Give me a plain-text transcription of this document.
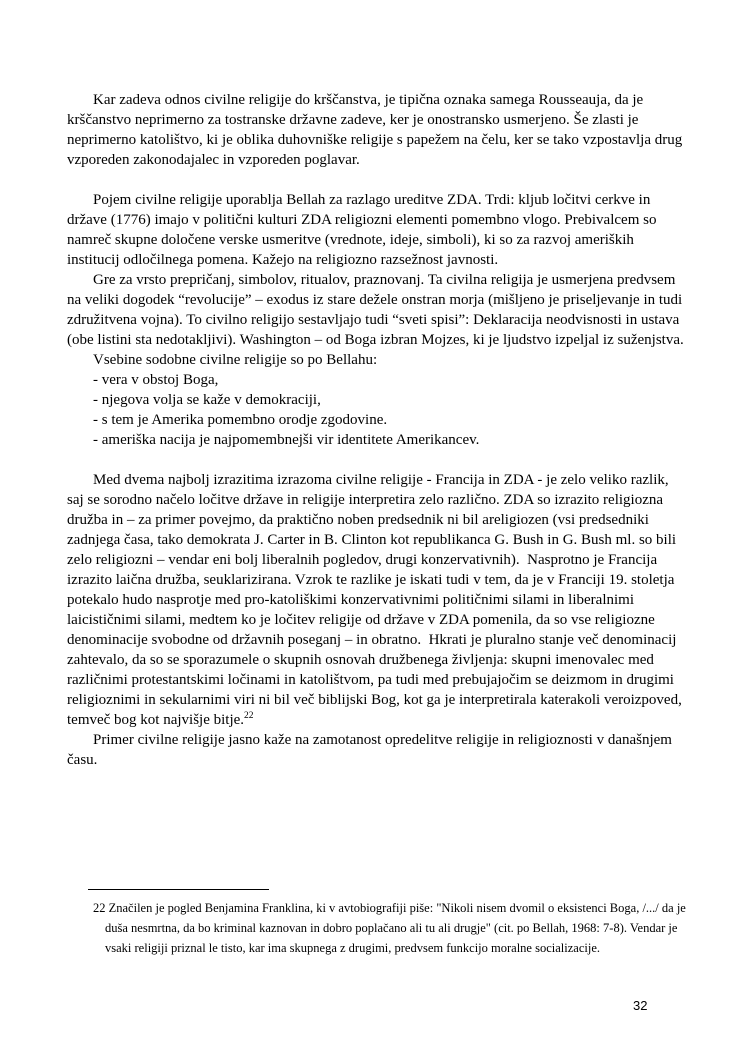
Kar zadeva odnos civilne religije do krščanstva, je tipična oznaka samega Rousseauja, da je krščanstvo neprimerno za tostranske državne zadeve, ker je onostransko usmerjeno. Še zlasti je neprimerno katolištvo, ki je oblika duhovniške religije s papežem na čelu, ker se tako vzpostavlja drug vzporeden zakonodajalec in vzporeden poglavar.

Pojem civilne religije uporablja Bellah za razlago ureditve ZDA. Trdi: kljub ločitvi cerkve in države (1776) imajo v politični kulturi ZDA religiozni elementi pomembno vlogo. Prebivalcem so namreč skupne določene verske usmeritve (vrednote, ideje, simboli), ki so za razvoj ameriških institucij odločilnega pomena. Kažejo na religiozno razsežnost javnosti.

Gre za vrsto prepričanj, simbolov, ritualov, praznovanj. Ta civilna religija je usmerjena predvsem na veliki dogodek “revolucije” – exodus iz stare dežele onstran morja (mišljeno je priseljevanje in tudi združitvena vojna). To civilno religijo sestavljajo tudi “sveti spisi”: Deklaracija neodvisnosti in ustava (obe listini sta nedotakljivi). Washington – od Boga izbran Mojzes, ki je ljudstvo izpeljal iz suženjstva.

Vsebine sodobne civilne religije so po Bellahu:

- vera v obstoj Boga,

- njegova volja se kaže v demokraciji,

- s tem je Amerika pomembno orodje zgodovine.

- ameriška nacija je najpomembnejši vir identitete Amerikancev.

Med dvema najbolj izrazitima izrazoma civilne religije - Francija in ZDA - je zelo veliko razlik, saj se sorodno načelo ločitve države in religije interpretira zelo različno. ZDA so izrazito religiozna družba in – za primer povejmo, da praktično noben predsednik ni bil areligiozen (vsi predsedniki zadnjega časa, tako demokrata J. Carter in B. Clinton kot republikanca G. Bush in G. Bush ml. so bili zelo religiozni – vendar eni bolj liberalnih pogledov, drugi konzervativnih).  Nasprotno je Francija izrazito laična družba, seuklarizirana. Vzrok te razlike je iskati tudi v tem, da je v Franciji 19. stoletja potekalo hudo nasprotje med pro-katoliškimi konzervativnimi političnimi silami in liberalnimi laicističnimi silami, medtem ko je ločitev religije od države v ZDA pomenila, da so vse religiozne denominacije svobodne od državnih poseganj – in obratno.  Hkrati je pluralno stanje več denominacij zahtevalo, da so se sporazumele o skupnih osnovah družbenega življenja: skupni imenovalec med različnimi protestantskimi ločinami in katolištvom, pa tudi med prebujajočim se deizmom in drugimi religioznimi in sekularnimi viri ni bil več biblijski Bog, kot ga je interpretirala katerakoli veroizpoved, temveč bog kot najvišje bitje.$^{22}$

Primer civilne religije jasno kaže na zamotanost opredelitve religije in religioznosti v današnjem času.

22 Značilen je pogled Benjamina Franklina, ki v avtobiografiji piše: "Nikoli nisem dvomil o eksistenci Boga, /.../ da je duša nesmrtna, da bo kriminal kaznovan in dobro poplačano ali tu ali drugje" (cit. po Bellah, 1968: 7-8). Vendar je vsaki religiji priznal le tisto, kar ima skupnega z drugimi, predvsem funkcijo moralne socializacije.

32
